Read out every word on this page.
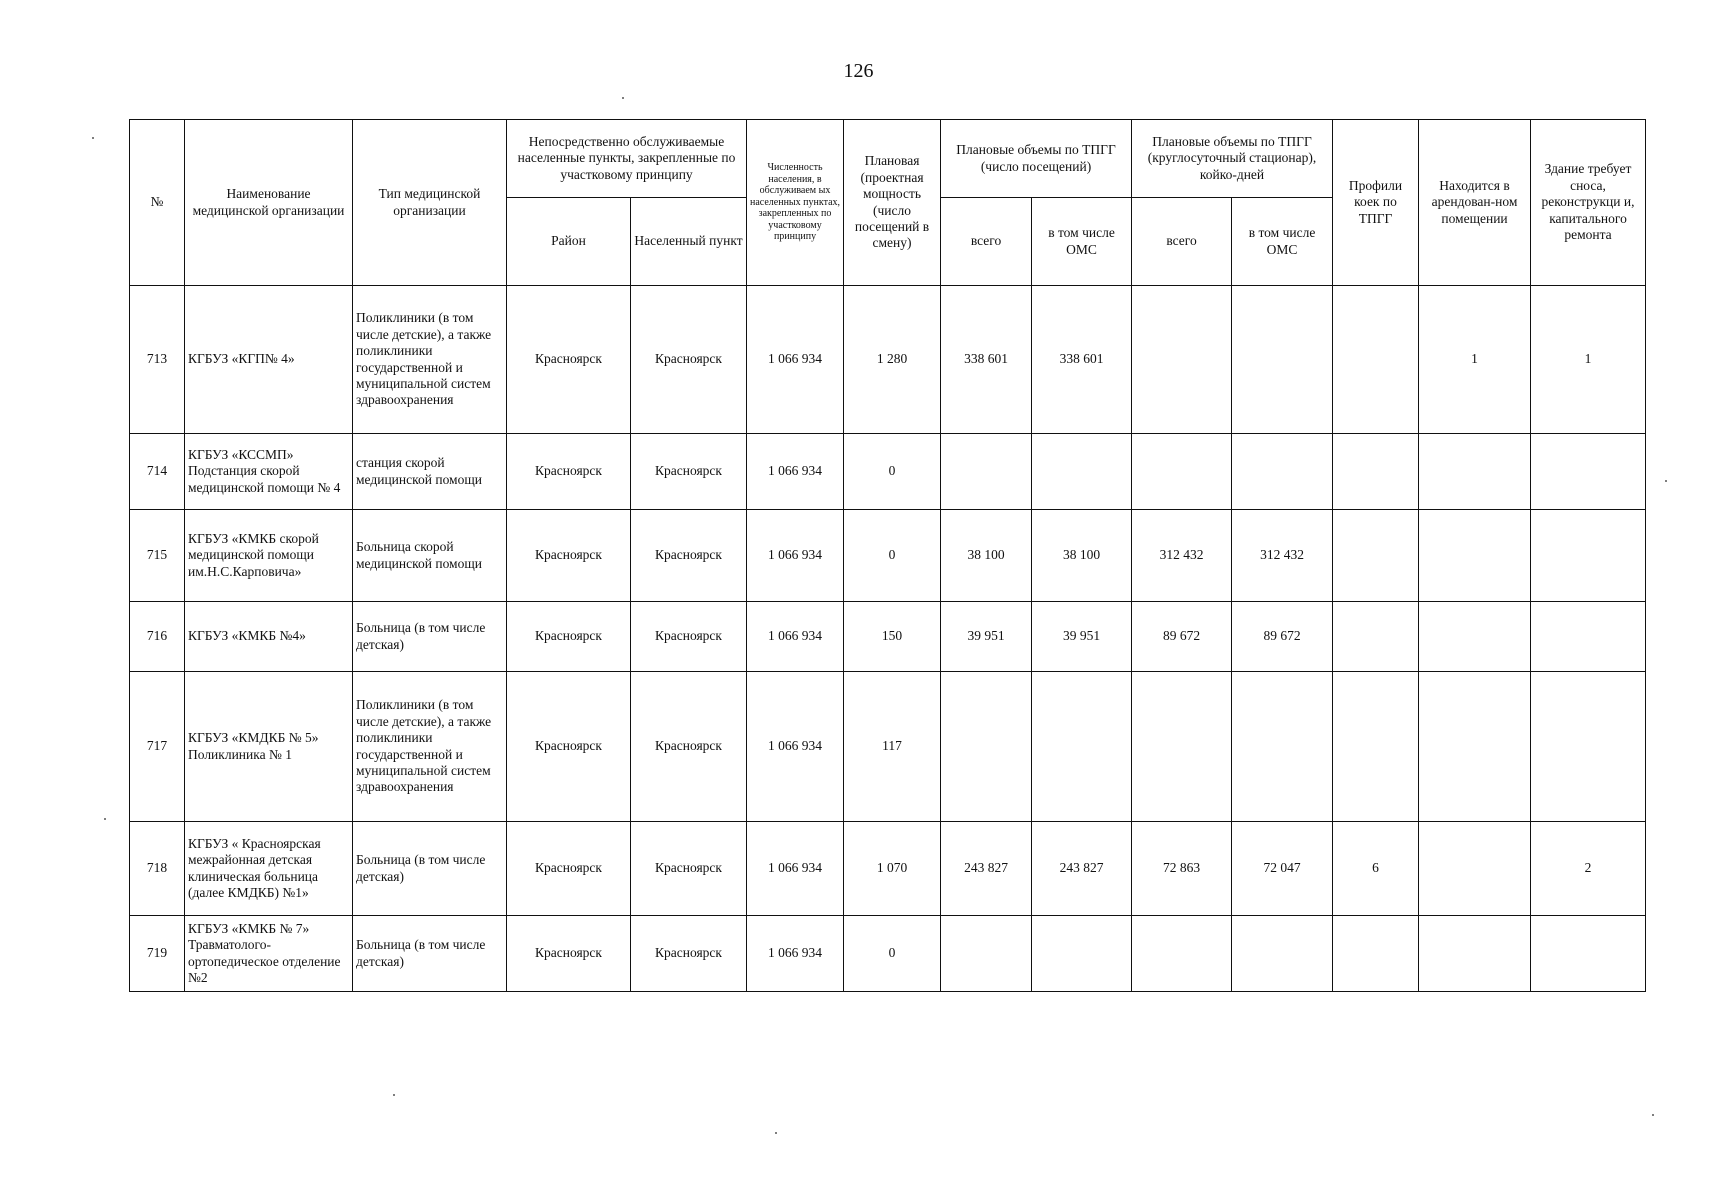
126
№	Наименование медицинской организации	Тип медицинской организации	Непосредственно обслуживаемые населенные пункты, закрепленные по участковому принципу		Численность населения, в обслуживаем ых населенных пунктах, закрепленных по участковому принципу	Плановая (проектная мощность (число посещений в смену)	Плановые объемы по ТПГГ (число посещений)		Плановые объемы по ТПГГ (круглосуточный стационар), койко-дней		Профили коек по ТПГГ	Находится в арендован-ном помещении	Здание требует сноса, реконструкци и, капитального ремонта
			Район	Населенный пункт			всего	в том числе ОМС	всего	в том числе ОМС			
713	КГБУЗ «КГП№ 4»	Поликлиники (в том числе детские), а также поликлиники государственной и муниципальной систем здравоохранения	Красноярск	Красноярск	1 066 934	1 280	338 601	338 601				1	1
714	КГБУЗ «КССМП» Подстанция скорой медицинской помощи № 4	станция скорой медицинской помощи	Красноярск	Красноярск	1 066 934	0							
715	КГБУЗ «КМКБ скорой медицинской помощи им.Н.С.Карповича»	Больница скорой медицинской помощи	Красноярск	Красноярск	1 066 934	0	38 100	38 100	312 432	312 432			
716	КГБУЗ «КМКБ №4»	Больница (в том числе детская)	Красноярск	Красноярск	1 066 934	150	39 951	39 951	89 672	89 672			
717	КГБУЗ «КМДКБ № 5» Поликлиника № 1	Поликлиники (в том числе детские), а также поликлиники государственной и муниципальной систем здравоохранения	Красноярск	Красноярск	1 066 934	117							
718	КГБУЗ « Красноярская межрайонная детская клиническая больница (далее КМДКБ) №1»	Больница (в том числе детская)	Красноярск	Красноярск	1 066 934	1 070	243 827	243 827	72 863	72 047	6		2
719	КГБУЗ «КМКБ № 7» Травматолого-ортопедическое отделение №2	Больница (в том числе детская)	Красноярск	Красноярск	1 066 934	0							
